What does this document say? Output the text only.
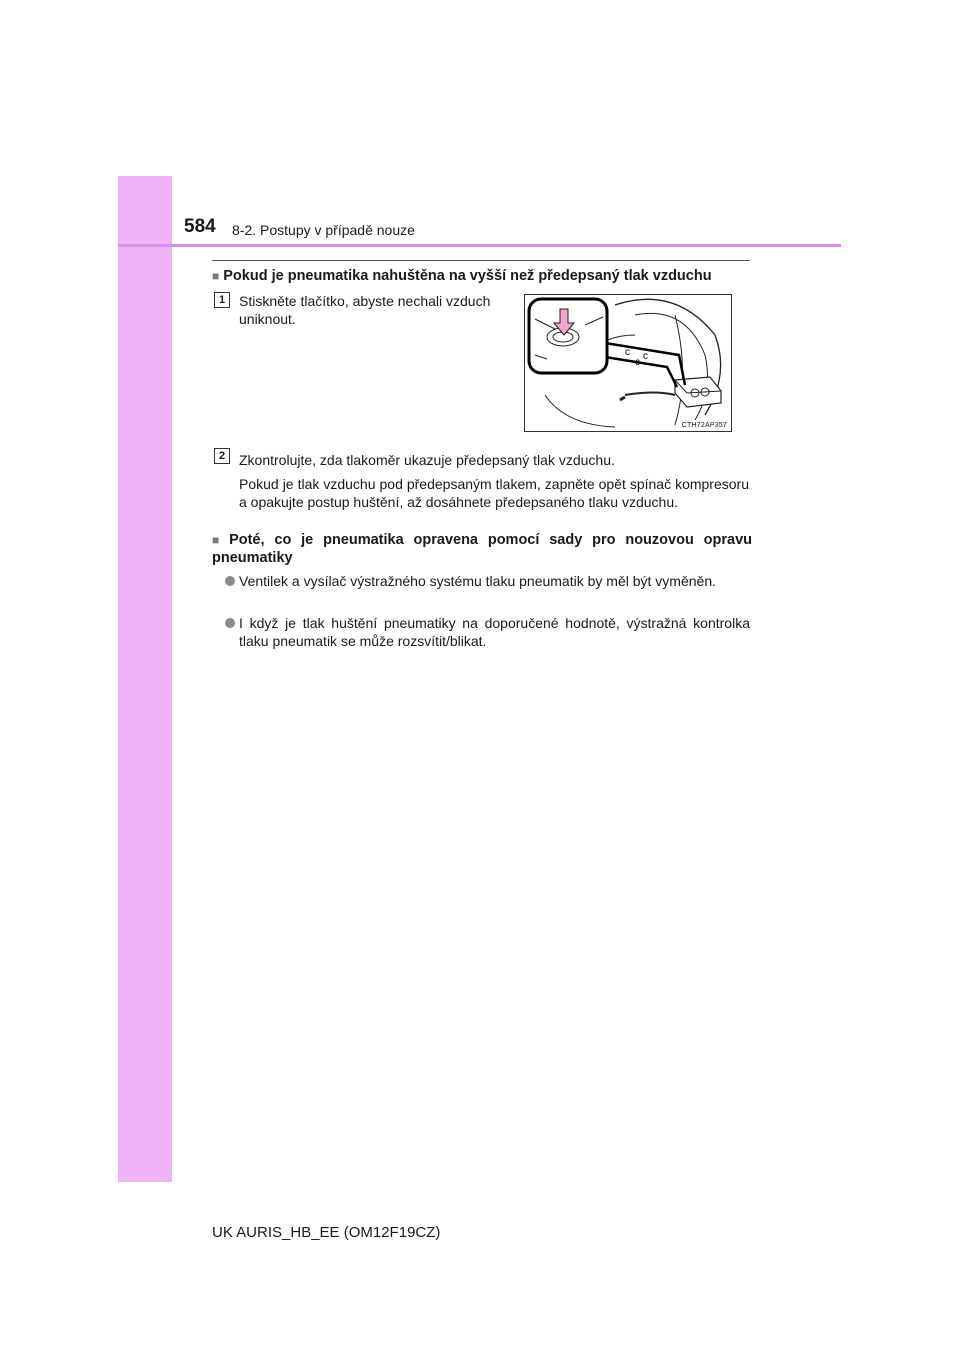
584 8-2. Postupy v případě nouze
■ Pokud je pneumatika nahuštěna na vyšší než předepsaný tlak vzduchu
1 Stiskněte tlačítko, abyste nechali vzduch uniknout.
c
c
c
CTH72AP357
2 Zkontrolujte, zda tlakoměr ukazuje předepsaný tlak vzduchu.
Pokud je tlak vzduchu pod předepsaným tlakem, zapněte opět spínač kompresoru a opakujte postup huštění, až dosáhnete předepsaného tlaku vzduchu.
■ Poté, co je pneumatika opravena pomocí sady pro nouzovou opravu pneumatiky
Ventilek a vysílač výstražného systému tlaku pneumatik by měl být vyměněn.
I když je tlak huštění pneumatiky na doporučené hodnotě, výstražná kontrolka tlaku pneumatik se může rozsvítit/blikat.
UK AURIS_HB_EE (OM12F19CZ)
